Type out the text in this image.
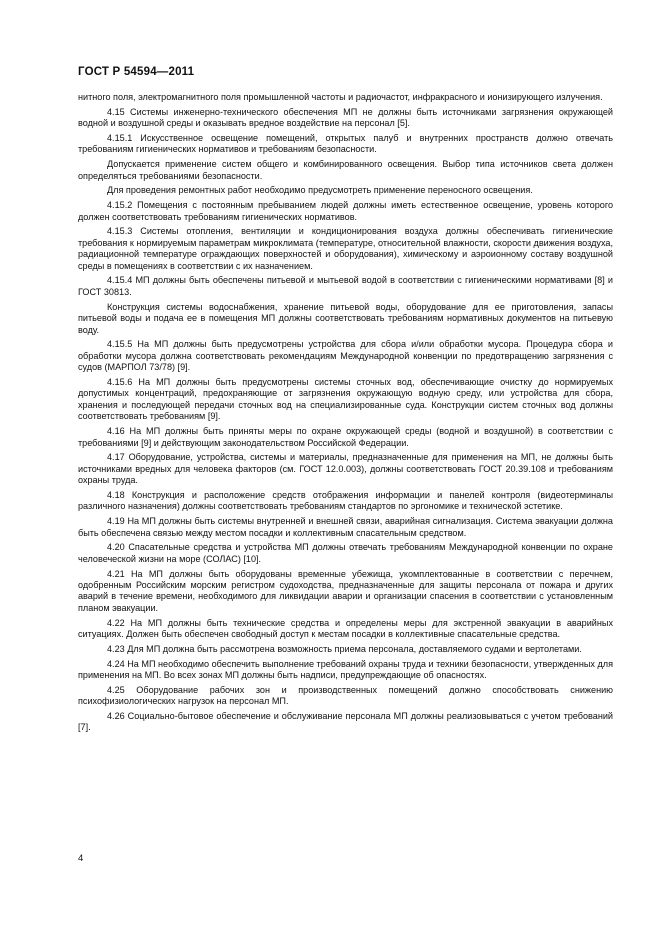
ГОСТ Р 54594—2011

нитного поля, электромагнитного поля промышленной частоты и радиочастот, инфракрасного и ионизирующего излучения.

4.15 Системы инженерно-технического обеспечения МП не должны быть источниками загрязнения окружающей водной и воздушной среды и оказывать вредное воздействие на персонал [5].

4.15.1 Искусственное освещение помещений, открытых палуб и внутренних пространств должно отвечать требованиям гигиенических нормативов и требованиям безопасности.

Допускается применение систем общего и комбинированного освещения. Выбор типа источников света должен определяться требованиями безопасности.

Для проведения ремонтных работ необходимо предусмотреть применение переносного освещения.

4.15.2 Помещения с постоянным пребыванием людей должны иметь естественное освещение, уровень которого должен соответствовать требованиям гигиенических нормативов.

4.15.3 Системы отопления, вентиляции и кондиционирования воздуха должны обеспечивать гигиенические требования к нормируемым параметрам микроклимата (температуре, относительной влажности, скорости движения воздуха, радиационной температуре ограждающих поверхностей и оборудования), химическому и аэроионному составу воздушной среды в помещениях в соответствии с их назначением.

4.15.4 МП должны быть обеспечены питьевой и мытьевой водой в соответствии с гигиеническими нормативами [8] и ГОСТ 30813.

Конструкция системы водоснабжения, хранение питьевой воды, оборудование для ее приготовления, запасы питьевой воды и подача ее в помещения МП должны соответствовать требованиям нормативных документов на питьевую воду.

4.15.5 На МП должны быть предусмотрены устройства для сбора и/или обработки мусора. Процедура сбора и обработки мусора должна соответствовать рекомендациям Международной конвенции по предотвращению загрязнения с судов (МАРПОЛ 73/78) [9].

4.15.6 На МП должны быть предусмотрены системы сточных вод, обеспечивающие очистку до нормируемых допустимых концентраций, предохраняющие от загрязнения окружающую водную среду, или устройства для сбора, хранения и последующей передачи сточных вод на специализированные суда. Конструкции систем сточных вод должны соответствовать требованиям [9].

4.16 На МП должны быть приняты меры по охране окружающей среды (водной и воздушной) в соответствии с требованиями [9] и действующим законодательством Российской Федерации.

4.17 Оборудование, устройства, системы и материалы, предназначенные для применения на МП, не должны быть источниками вредных для человека факторов (см. ГОСТ 12.0.003), должны соответствовать ГОСТ 20.39.108 и требованиям охраны труда.

4.18 Конструкция и расположение средств отображения информации и панелей контроля (видеотерминалы различного назначения) должны соответствовать требованиям стандартов по эргономике и технической эстетике.

4.19 На МП должны быть системы внутренней и внешней связи, аварийная сигнализация. Система эвакуации должна быть обеспечена связью между местом посадки и коллективным спасательным средством.

4.20 Спасательные средства и устройства МП должны отвечать требованиям Международной конвенции по охране человеческой жизни на море (СОЛАС) [10].

4.21 На МП должны быть оборудованы временные убежища, укомплектованные в соответствии с перечнем, одобренным Российским морским регистром судоходства, предназначенные для защиты персонала от пожара и других аварий в течение времени, необходимого для ликвидации аварии и организации спасения в соответствии с установленным планом эвакуации.

4.22 На МП должны быть технические средства и определены меры для экстренной эвакуации в аварийных ситуациях. Должен быть обеспечен свободный доступ к местам посадки в коллективные спасательные средства.

4.23 Для МП должна быть рассмотрена возможность приема персонала, доставляемого судами и вертолетами.

4.24 На МП необходимо обеспечить выполнение требований охраны труда и техники безопасности, утвержденных для применения на МП. Во всех зонах МП должны быть надписи, предупреждающие об опасностях.

4.25 Оборудование рабочих зон и производственных помещений должно способствовать снижению психофизиологических нагрузок на персонал МП.

4.26 Социально-бытовое обеспечение и обслуживание персонала МП должны реализовываться с учетом требований [7].

4
